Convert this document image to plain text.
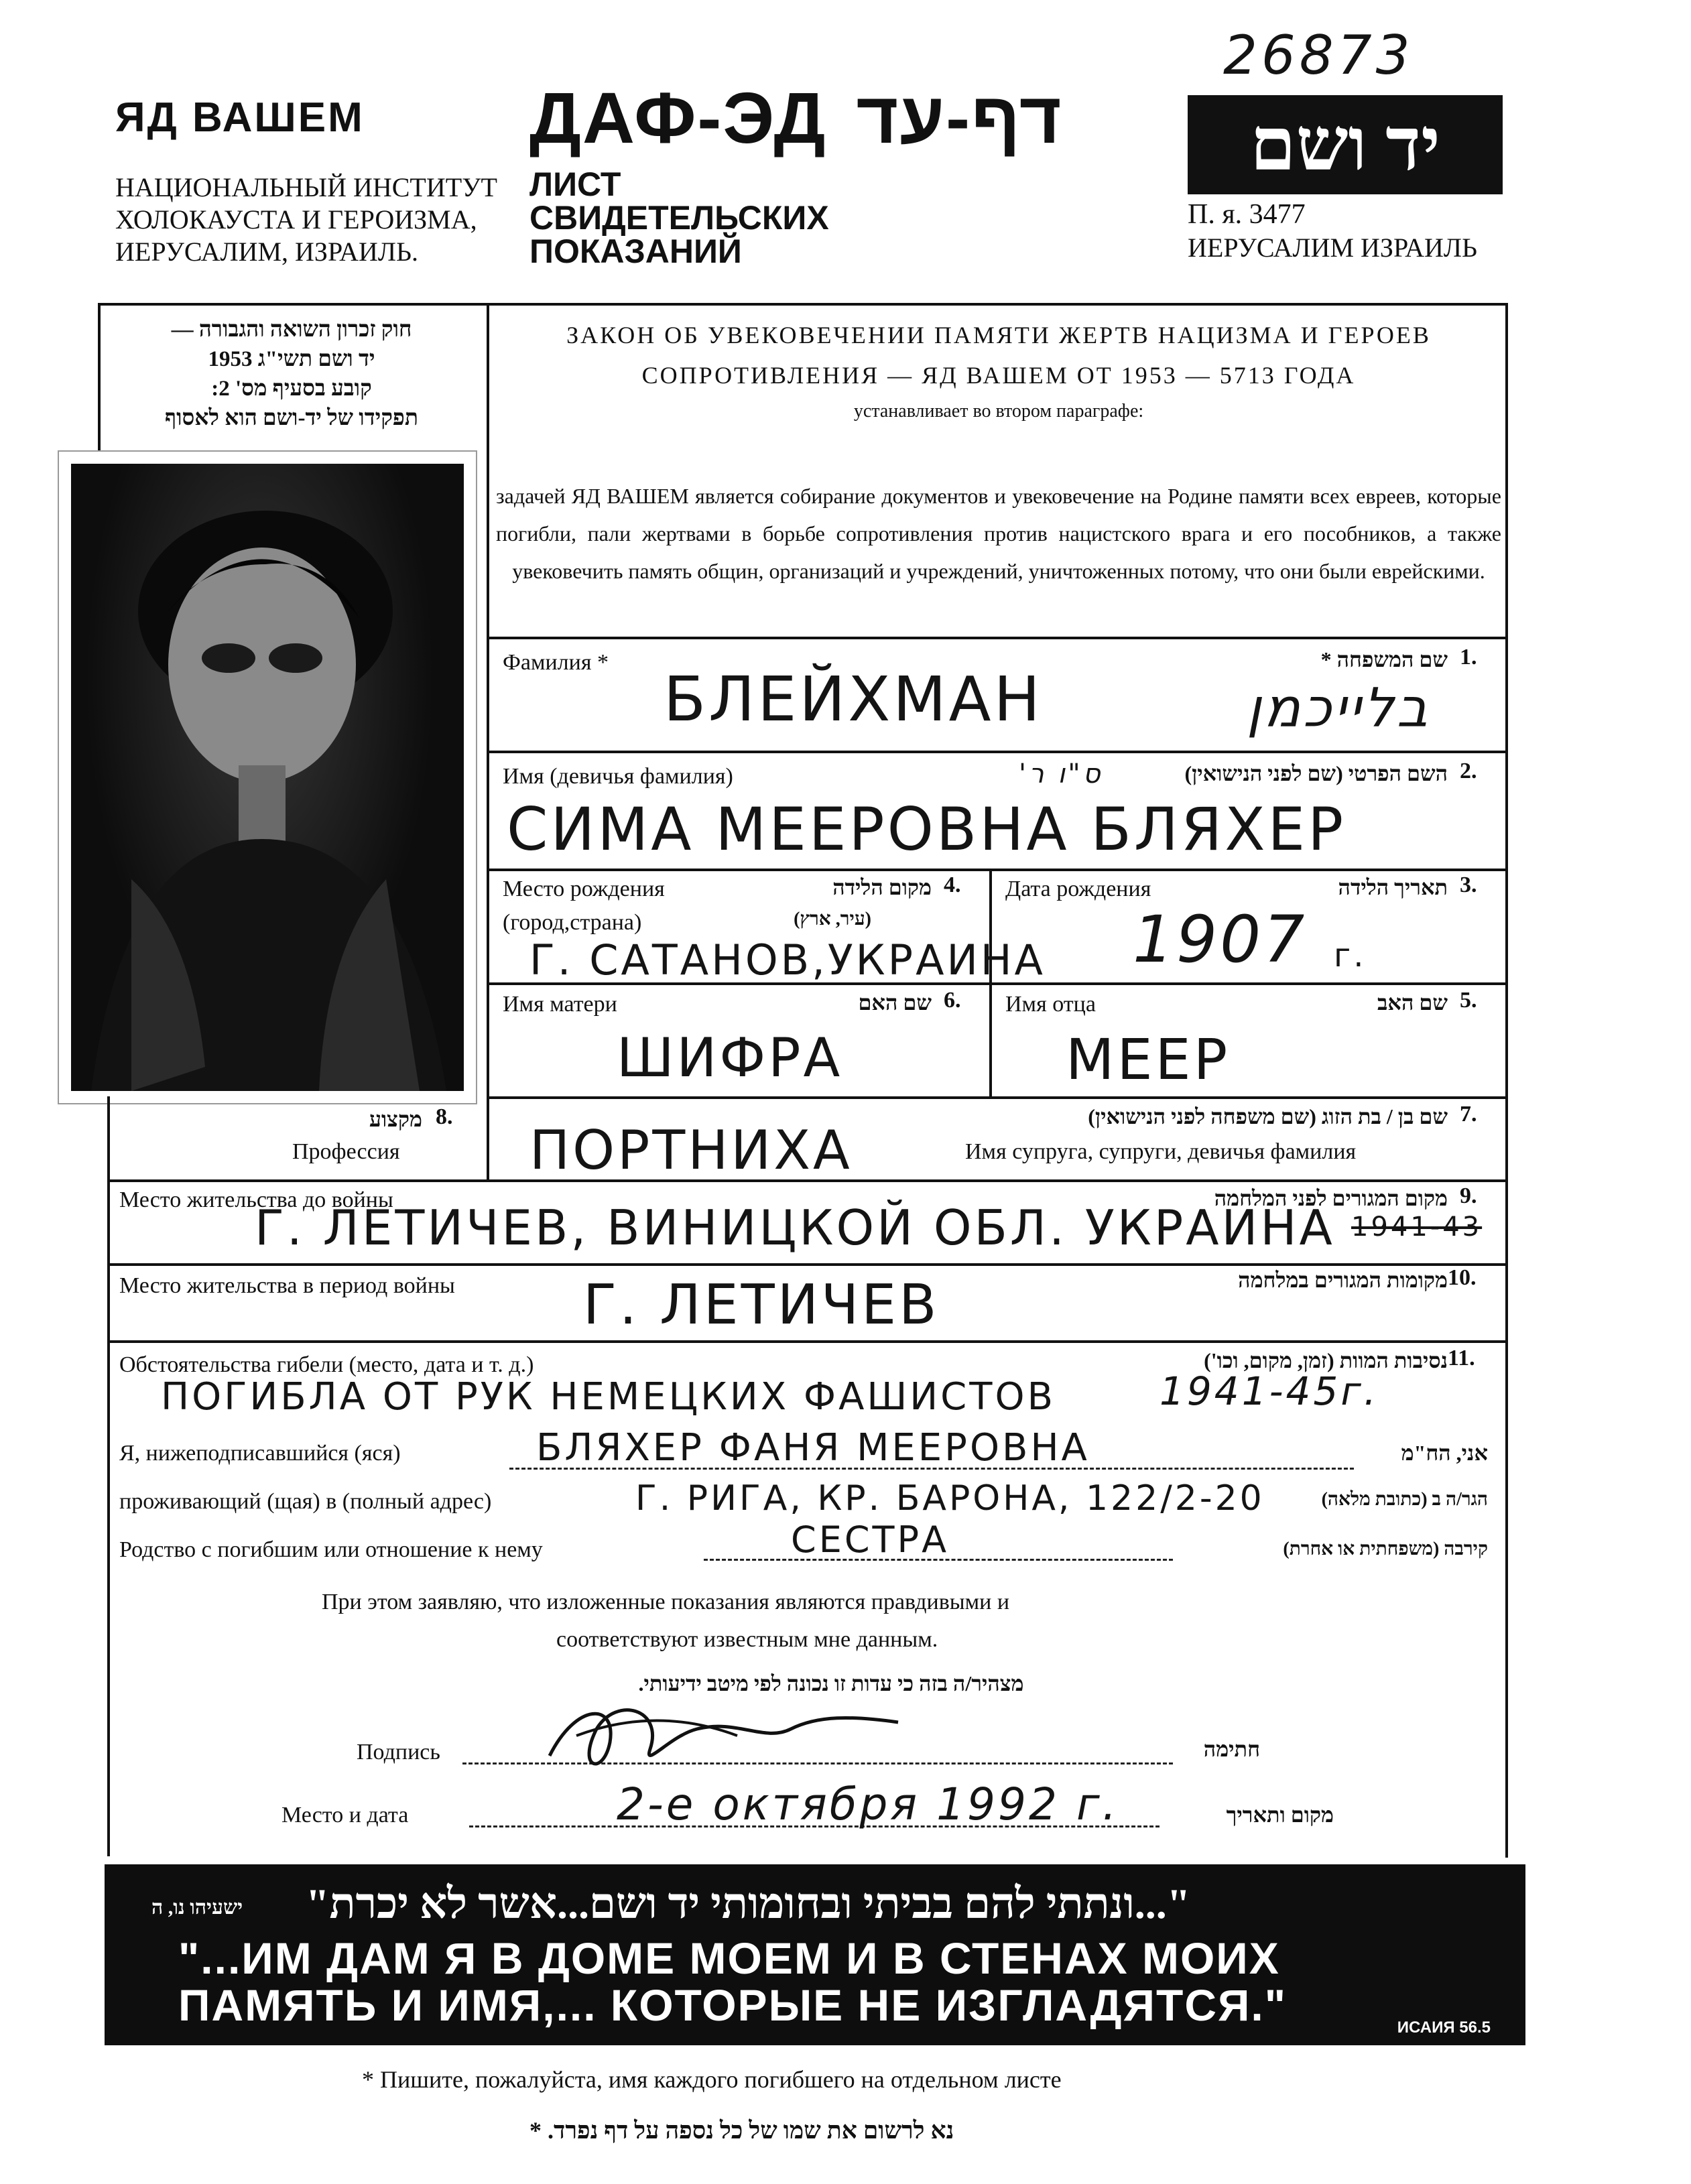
26873
ЯД ВАШЕМ
НАЦИОНАЛЬНЫЙ ИНСТИТУТ
ХОЛОКАУСТА И ГЕРОИЗМА,
ИЕРУСАЛИМ, ИЗРАИЛЬ.
ДАФ-ЭД דף-עד
ЛИСТ
СВИДЕТЕЛЬСКИХ
ПОКАЗАНИЙ
יד ושם
П. я. 3477
ИЕРУСАЛИМ ИЗРАИЛЬ
חוק זכרון השואה והגבורה —
יד ושם תשי"ג 1953
קובע בסעיף מס' 2:
תפקידו של יד-ושם הוא לאסוף
ЗАКОН ОБ УВЕКОВЕЧЕНИИ ПАМЯТИ ЖЕРТВ НАЦИЗМА И ГЕРОЕВ
СОПРОТИВЛЕНИЯ — ЯД ВАШЕМ ОТ 1953 — 5713 ГОДА
устанавливает во втором параграфе:
задачей ЯД ВАШЕМ является собирание документов и увековечение на Родине памяти всех евреев, которые погибли, пали жертвами в борьбе сопротивления против нацистского врага и его пособников, а также увековечить память общин, организаций и учреждений, уничтоженных потому, что они были еврейскими.
Фамилия *	שם המשפחה * 1.
БЛЕЙХМАН	בלייכמן
Имя (девичья фамилия)	ס"ו ר'	השם הפרטי (שם לפני הנישואין) 2.
СИМА МЕЕРОВНА БЛЯХЕР
Место рождения
(город,страна)
מקום הלידה
(עיר, ארץ)
4.
Г. САТАНОВ,УКРАИНА
Дата рождения	תאריך הלידה 3.
1907 г.
Имя матери	שם האם 6.
ШИФРА
Имя отца	שם האב 5.
МЕЕР
מקצוע 8.
Профессия ПОРТНИХА
שם בן / בת הזוג (שם משפחה לפני הנישואין) 7.
Имя супруга, супруги, девичья фамилия
Место жительства до войны	מקום המגורים לפני המלחמה 9.
Г. ЛЕТИЧЕВ, ВИНИЦКОЙ ОБЛ. УКРАИНА 1941-43
Место жительства в период войны	מקומות המגורים במלחמה 10.
Г. ЛЕТИЧЕВ
Обстоятельства гибели (место, дата и т. д.)	נסיבות המוות (זמן, מקום, וכו') 11.
ПОГИБЛА ОТ РУК НЕМЕЦКИХ ФАШИСТОВ	1941-45г.
Я, нижеподписавшийся (яся)	БЛЯХЕР ФАНЯ МЕЕРОВНА	אני, הח"מ
проживающий (щая) в (полный адрес)	Г. РИГА, КР. БАРОНА, 122/2-20	הגר/ה ב (כתובת מלאה)
Родство с погибшим или отношение к нему	СЕСТРА	קירבה (משפחתית או אחרת)
При этом заявляю, что изложенные показания являются правдивыми и
соответствуют известным мне данным.
מצהיר/ה בזה כי עדות זו נכונה לפי מיטב ידיעותי.
Подпись	חתימה
Место и дата	2-е октября 1992 г.	מקום ותאריך
ישעיהו נו, ה "...ונתתי להם בביתי ובחומותי יד ושם...אשר לא יכרת"
"...ИМ ДАМ Я В ДОМЕ МОЕМ И В СТЕНАХ МОИХ
ПАМЯТЬ И ИМЯ,... КОТОРЫЕ НЕ ИЗГЛАДЯТСЯ."	ИСАИЯ 56.5
* Пишите, пожалуйста, имя каждого погибшего на отдельном листе
נא לרשום את שמו של כל נספה על דף נפרד. *
